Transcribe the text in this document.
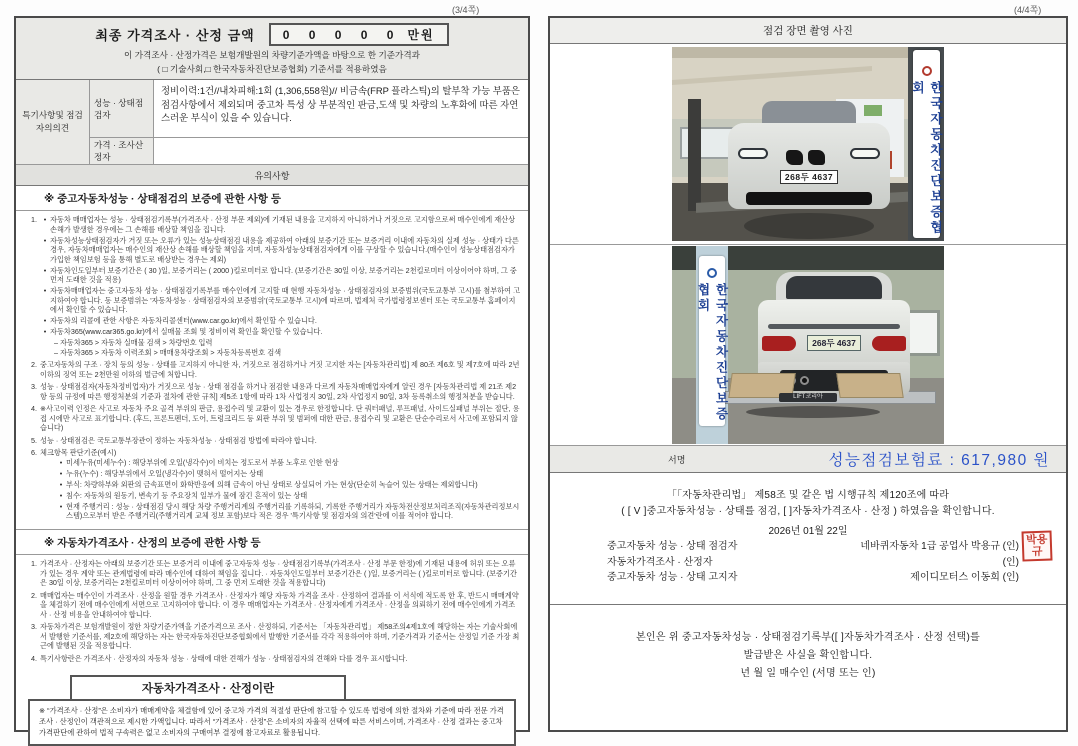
(3/4쪽)	(4/4쪽)
최종 가격조사 · 산정 금액	0 0 0 0 0 만원
이 가격조사 · 산정가격은 보험개발원의 차량기준가액을 바탕으로 한 기준가격과
( □ 기술사회,□ 한국자동차진단보증협회) 기준서를 적용하였음
특기사항및 점검자의의견
성능 · 상태점검자
정비이력:1건//내차피해:1회 (1,306,558원)// 비금속(FRP 플라스틱)의 탈부착 가능 부품은 점검사항에서 제외되며 중고차 특성 상 부분적인 판금,도색 및 차량의 노후화에 따른 자연스러운 부식이 있을 수 있습니다.
가격 · 조사산정자
유의사항
※ 중고자동차성능 · 상태점검의 보증에 관한 사항 등
1. • 자동차 매매업자는 성능 · 상태점검기록부(가격조사 · 산정 부문 제외)에 기재된 내용을 고지하지 아니하거나 거짓으로 고지함으로써 매수인에게 재산상 손해가 발생한 경우에는 그 손해를 배상할 책임을 집니다.
• 자동차성능상태점검자가 거짓 또는 오류가 있는 성능상태점검 내용을 제공하여 아래의 보증기간 또는 보증거리 이내에 자동차의 실제 성능 · 상태가 다른 경우, 자동차매매업자는 매수인의 재산상 손해를 배상할 책임을 지며, 자동차성능상태점검자에게 이를 구상할 수 있습니다.(매수인이 성능상태점검자가 가입한 책임보험 등을 통해 별도로 배상받는 경우는 제외)
• 자동차인도일부터 보증기간은 ( 30 )일, 보증거리는 ( 2000 )킬로미터로 합니다. (보증기간은 30일 이상, 보증거리는 2천킬로미터 이상이어야 하며, 그 중 먼저 도래한 것을 적용)
• 자동차매매업자는 중고자동차 성능 · 상태점검기록부를 매수인에게 고지할 때 현행 자동차성능 · 상태점검자의 보증범위(국토교통부 고시)를 첨부하여 고지하여야 합니다. 동 보증범위는 '자동차성능 · 상태점검자의 보증범위'(국토교통부 고시)에 따르며, 법제처 국가법령정보센터 또는 국토교통부 홈페이지에서 확인할 수 있습니다.
• 자동차의 리콜에 관한 사항은 자동차리콜센터(www.car.go.kr)에서 확인할 수 있습니다.
• 자동차365(www.car365.go.kr)에서 실매물 조회 및 정비이력 확인을 확인할 수 있습니다.
– 자동차365 > 자동차 실매물 검색 > 차량번호 입력
– 자동차365 > 자동차 이력조회 > 매매용차량조회 > 자동차등록번호 검색
2. 중고자동차의 구조 · 장치 등의 성능 · 상태를 고지하지 아니한 자, 거짓으로 점검하거나 거짓 고지한 자는 [자동차관리법] 제 80조 제6호 및 제7호에 따라 2년 이하의 징역 또는 2천만원 이하의 벌금에 처합니다.
3. 성능 · 상태점검자(자동차정비업자)가 거짓으로 성능 · 상태 점검을 하거나 점검한 내용과 다르게 자동차매매업자에게 알린 경우 [자동차관리법 제 21조 제2항 등의 규정에 따른 행정처분의 기준과 절차에 관한 규칙] 제5조 1항에 따라 1차 사업정지 30일, 2차 사업정지 90일, 3차 등록취소의 행정처분을 받습니다.
4. ※사고이력 인정은 사고로 자동차 주요 골격 부위의 판금, 용접수리 및 교환이 있는 경우로 한정합니다. 단 쿼터패널, 루프패널, 사이드실패널 부위는 절단, 용접 시에만 사고로 표기합니다. (후드, 프론트펜더, 도어, 트렁크리드 등 외판 부위 및 범퍼에 대한 판금, 용접수리 및 교환은 단순수리로서 사고에 포함되지 않습니다)
5. 성능 · 상태점검은 국토교통부장관이 정하는 자동차성능 · 상태점검 방법에 따라야 합니다.
6. 체크항목 판단기준(예시)
• 미세누유(미세누수) : 해당부위에 오일(냉각수)이 비치는 정도로서 부품 노후로 인한 현상
• 누유(누수) : 해당부위에서 오일(냉각수)이 맺혀서 떨어지는 상태
• 부식: 차량하부와 외판의 금속표면이 화학반응에 의해 금속이 아닌 상태로 상실되어 가는 현상(단순히 녹슬어 있는 상태는 제외합니다)
• 침수: 자동차의 원동기, 변속기 등 주요장치 일부가 물에 잠긴 흔적이 있는 상태
• 현재 주행거리 : 성능 · 상태점검 당시 해당 차량 주행거리계의 주행거리를 기록하되, 기록한 주행거리가 자동차전산정보처리조직(자동차관리정보시스템)으로부터 받은 주행거리(주행거리계 교체 정보 포함)보다 적은 경우 '특기사항 및 점검자의 의견'란에 이를 적어야 합니다.
※ 자동차가격조사 · 산정의 보증에 관한 사항 등
1. 가격조사 · 산정자는 아래의 보증기간 또는 보증거리 이내에 중고자동차 성능 · 상태점검기록부(가격조사 · 산정 부문 한정)에 기재된 내용에 허위 또는 오류가 있는 경우 계약 또는 관계법령에 따라 매수인에 대하여 책임을 집니다. · 자동차인도일부터 보증기간은 ( )일, 보증거리는 ( )킬로미터로 합니다. (보증기간은 30일 이상, 보증거리는 2천킬로미터 이상이어야 하며, 그 중 먼저 도래한 것을 적용합니다)
2. 매매업자는 매수인이 가격조사 · 산정을 원할 경우 가격조사 · 산정자가 해당 자동차 가격을 조사 · 산정하여 결과를 이 서식에 적도록 한 후, 반드시 매매계약을 체결하기 전에 매수인에게 서면으로 고지하여야 합니다. 이 경우 매매업자는 가격조사 · 산정자에게 가격조사 · 산정을 의뢰하기 전에 매수인에게 가격조사 · 산정 비용을 안내하여야 합니다.
3. 자동차가격은 보험개발원이 정한 차량기준가액을 기준가격으로 조사 · 산정하되, 기준서는 「자동차관리법」 제58조의4제1호에 해당하는 자는 기술사회에서 발행한 기준서를, 제2호에 해당하는 자는 한국자동차진단보증협회에서 발행한 기준서를 각각 적용하여야 하며, 기준가격과 기준서는 산정일 기준 가장 최근에 발행된 것을 적용합니다.
4. 특기사항란은 가격조사 · 산정자의 자동차 성능 · 상태에 대한 견해가 성능 · 상태점검자의 견해와 다를 경우 표시합니다.
자동차가격조사 · 산정이란
※ “가격조사 · 산정”은 소비자가 매매계약을 체결함에 있어 중고차 가격의 적절성 판단에 참고할 수 있도록 법령에 의한 절차와 기준에 따라 전문 가격조사 · 산정인이 객관적으로 제시한 가액입니다. 따라서 “가격조사 · 산정”은 소비자의 자율적 선택에 따른 서비스이며, 가격조사 · 산정 결과는 중고차 가격판단에 관하여 법적 구속력은 없고 소비자의 구매여부 결정에 참고자료로 활용됩니다.
점검 장면 촬영 사진
268두 4637	한국자동차진단보증협회
LIFT코리아
268두 4637
한국자동차진단보증협회
서명	성능점검보험료 : 617,980 원
「「자동차관리법」 제58조 및 같은 법 시행규칙 제120조에 따라
( [ V ]중고자동차성능 · 상태를 점검, [ ]자동차가격조사 · 산정 ) 하였음을 확인합니다.
2026년 01월 22일
중고자동차 성능 · 상태 점검자	네바퀴자동차 1급 공업사 박용규 (인)
자동차가격조사 · 산정자	(인)
중고자동차 성능 · 상태 고지자	제이디모터스 이동희 (인)
박용규
본인은 위 중고자동차성능 · 상태점검기록부([ ]자동차가격조사 · 산정 선택)를
발급받은 사실을 확인합니다.
년 월 일 매수인 (서명 또는 인)
